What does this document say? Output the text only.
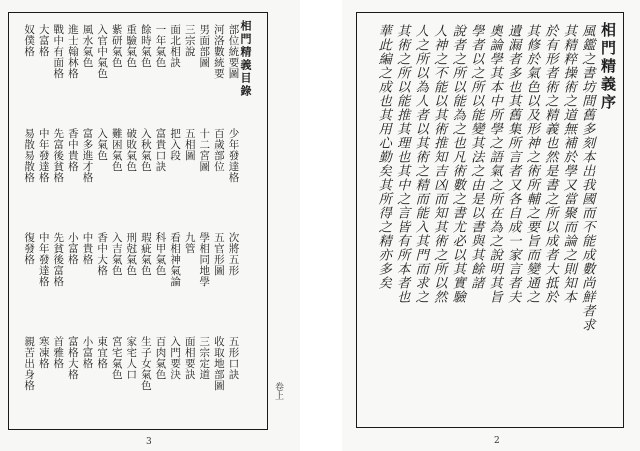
相門精義目錄
部位統要圖
河洛數統要
男面部圖
三宗說
面北相訣
一年氣色
餘時氣色
重驗氣色
紫研氣色
入官中氣色
風水氣色
進士翰林格
戰中有面格
大富格
奴僕格
少年發達格
百歲部位
十二宮圖
五相圖
把入段
富貴口訣
入秋氣色
破敗氣色
難困氣色
入氣色
富多進才格
香中貴格
先富後貧格
中年發達格
易散易散格
次將五形
五官形圖
學相同地學
九管
看相神氣論
科甲氣色
瑕疵氣色
刑尅氣色
入吉氣色
香中大格
中貴格
小富格
先貧後富格
中年發達格
復發格
五形口訣
收取地部圖
三宗定道
面相要訣
入門要決
百肉氣色
生子女氣色
家宅人口
宮宅氣色
東宜格
小富格
富格大格
首雅格
寒凍格
親苦出身格
3
卷上
相門精義序
風鑑之書坊間舊多刻本出我國而不能成數尚鮮者求
其精粹操術之道無補於學又當聚而論之則知本
於有形者術之精義也然是書之所以成者大抵於
其修於氣色以及形神之術所輔之要旨而變通之
遺漏者多也其舊集所言者又各自成一家言者夫
奧論學其本中所學之語氣之所在為之說明其旨
學者以之所以能變其法之由是以書與其餘諸
說者之所以能為之也凡術數之書尤必以其實驗
人神之不能以其術推知吉凶而知其術之所以然
人之所以為人者以其術之精而能入其門而求之
其術之所以能推其理也其中之言皆有所本者也
華此編之成也其用心勤矣其所得之精亦多矣
2
